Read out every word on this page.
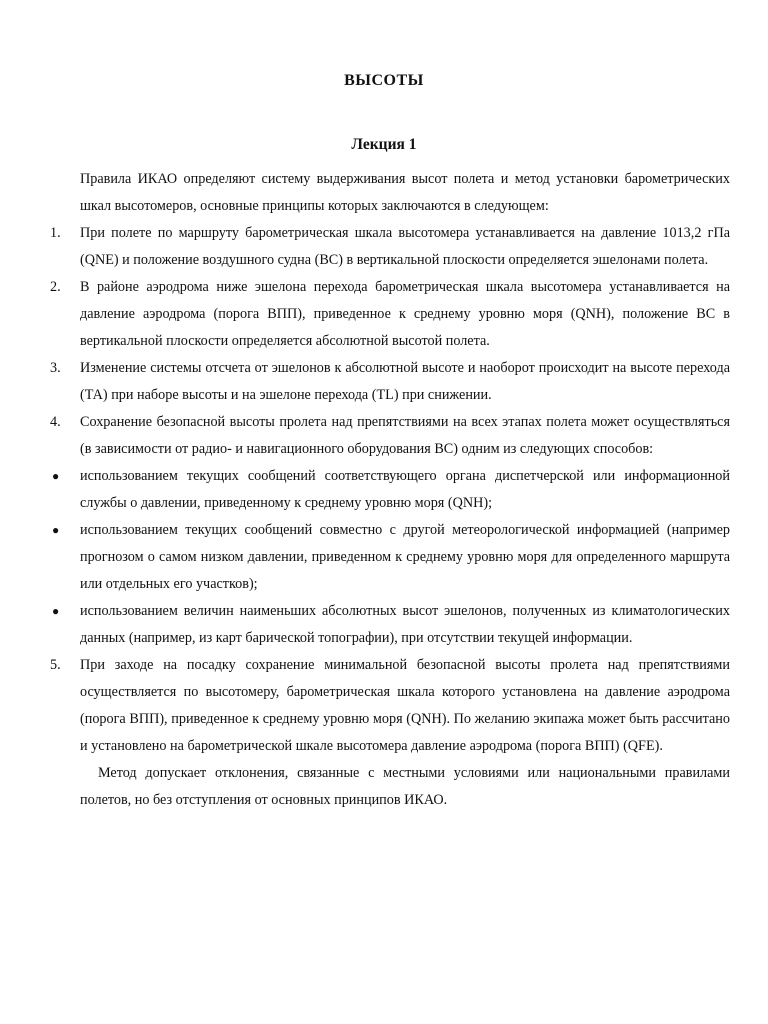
ВЫСОТЫ
Лекция 1

Правила ИКАО определяют систему выдерживания высот полета и метод установки барометрических шкал высотомеров, основные принципы которых заключаются в следующем:

1.	При полете по маршруту барометрическая шкала высотомера устанавливается на давление 1013,2 гПа (QNE) и положение воздушного судна (ВС) в вертикальной плоскости определяется эшелонами полета.
2.	В районе аэродрома ниже эшелона перехода барометрическая шкала высотомера устанавливается на давление аэродрома (порога ВПП), приведенное к среднему уровню моря (QNH), положение ВС в вертикальной плоскости определяется абсолютной высотой полета.
3.	Изменение системы отсчета от эшелонов к абсолютной высоте и наоборот происходит на высоте перехода (ТА) при наборе высоты и на эшелоне перехода (TL) при снижении.
4.	Сохранение безопасной высоты пролета над препятствиями на всех этапах полета может осуществляться (в зависимости от радио- и навигационного оборудования ВС) одним из следующих способов:
● использованием текущих сообщений соответствующего органа диспетчерской или информационной службы о давлении, приведенному к среднему уровню моря (QNH);
● использованием текущих сообщений совместно с другой метеорологической информацией (например прогнозом о самом низком давлении, приведенном к среднему уровню моря для определенного маршрута или отдельных его участков);
● использованием величин наименьших абсолютных высот эшелонов, полученных из климатологических данных (например, из карт барической топографии), при отсутствии текущей информации.
5.	При заходе на посадку сохранение минимальной безопасной высоты пролета над препятствиями осуществляется по высотомеру, барометрическая шкала которого установлена на давление аэродрома (порога ВПП), приведенное к среднему уровню моря (QNH). По желанию экипажа может быть рассчитано и установлено на барометрической шкале высотомера давление аэродрома (порога ВПП) (QFE).

Метод допускает отклонения, связанные с местными условиями или национальными правилами полетов, но без отступления от основных принципов ИКАО.
